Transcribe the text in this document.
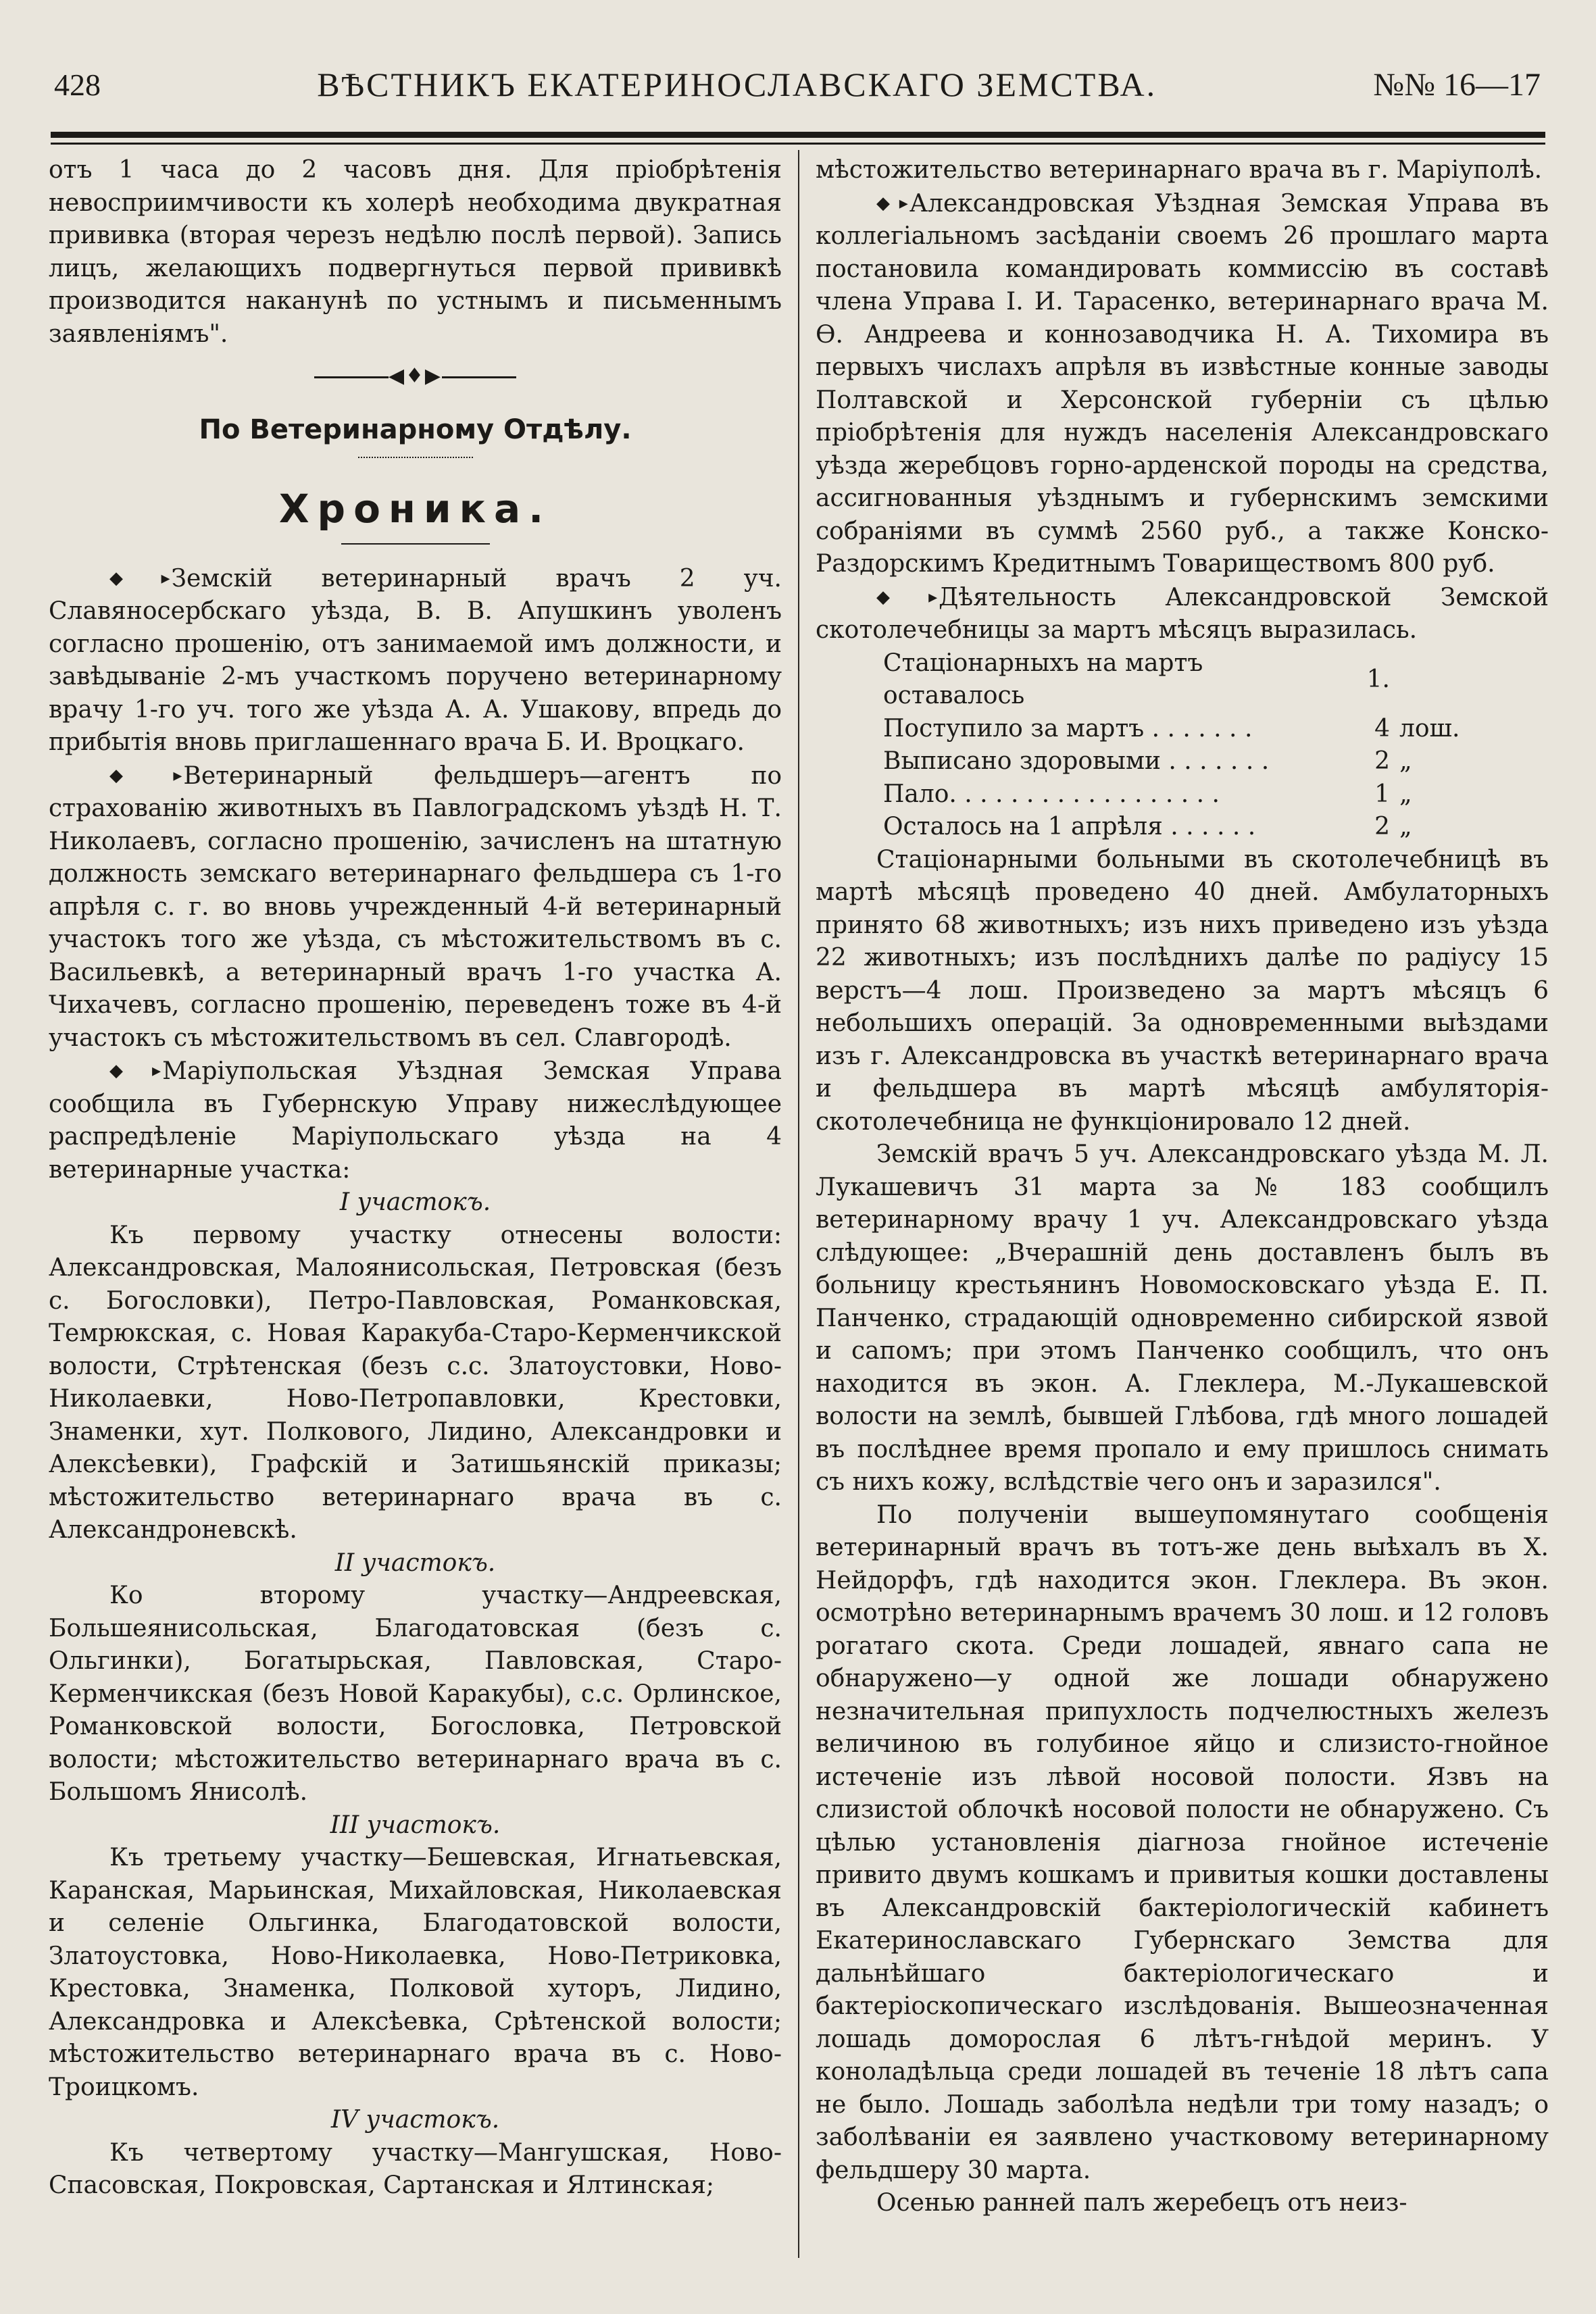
428	ВѢСТНИКЪ ЕКАТЕРИНОСЛАВСКАГО ЗЕМСТВА.	№№ 16—17

отъ 1 часа до 2 часовъ дня. Для пріобрѣтенія невосприимчивости къ холерѣ необходима двукратная прививка (вторая черезъ недѣлю послѣ первой). Запись лицъ, желающихъ подвергнуться первой прививкѣ производится наканунѣ по устнымъ и письменнымъ заявленіямъ".

◀♦▶
По Ветеринарному Отдѣлу.
Хроника.

◆▸ Земскій ветеринарный врачъ 2 уч. Славяносербскаго уѣзда, В. В. Апушкинъ уволенъ согласно прошенію, отъ занимаемой имъ должности, и завѣдываніе 2-мъ участкомъ поручено ветеринарному врачу 1-го уч. того же уѣзда А. А. Ушакову, впредь до прибытія вновь приглашеннаго врача Б. И. Вроцкаго.

◆▸ Ветеринарный фельдшеръ—агентъ по страхованію животныхъ въ Павлоградскомъ уѣздѣ Н. Т. Николаевъ, согласно прошенію, зачисленъ на штатную должность земскаго ветеринарнаго фельдшера съ 1-го апрѣля с. г. во вновь учрежденный 4-й ветеринарный участокъ того же уѣзда, съ мѣстожительствомъ въ с. Васильевкѣ, а ветеринарный врачъ 1-го участка А. Чихачевъ, согласно прошенію, переведенъ тоже въ 4-й участокъ съ мѣстожительствомъ въ сел. Славгородѣ.

◆▸ Маріупольская Уѣздная Земская Управа сообщила въ Губернскую Управу нижеслѣдующее распредѣленіе Маріупольскаго уѣзда на 4 ветеринарные участка:

I участокъ.

Къ первому участку отнесены волости: Александровская, Малоянисольская, Петровская (безъ с. Богословки), Петро-Павловская, Романковская, Темрюкская, с. Новая Каракуба-Старо-Керменчикской волости, Стрѣтенская (безъ с.с. Златоустовки, Ново-Николаевки, Ново-Петропавловки, Крестовки, Знаменки, хут. Полкового, Лидино, Александровки и Алексѣевки), Графскій и Затишьянскій приказы; мѣстожительство ветеринарнаго врача въ с. Александроневскѣ.

II участокъ.

Ко второму участку—Андреевская, Большеянисольская, Благодатовская (безъ с. Ольгинки), Богатырьская, Павловская, Старо-Керменчикская (безъ Новой Каракубы), с.с. Орлинское, Романковской волости, Богословка, Петровской волости; мѣстожительство ветеринарнаго врача въ с. Большомъ Янисолѣ.

III участокъ.

Къ третьему участку—Бешевская, Игнатьевская, Каранская, Марьинская, Михайловская, Николаевская и селеніе Ольгинка, Благодатовской волости, Златоустовка, Ново-Николаевка, Ново-Петриковка, Крестовка, Знаменка, Полковой хуторъ, Лидино, Александровка и Алексѣевка, Срѣтенской волости; мѣстожительство ветеринарнаго врача въ с. Ново-Троицкомъ.

IV участокъ.

Къ четвертому участку—Мангушская, Ново-Спасовская, Покровская, Сартанская и Ялтинская;

мѣстожительство ветеринарнаго врача въ г. Маріуполѣ.

◆▸ Александровская Уѣздная Земская Управа въ коллегіальномъ засѣданіи своемъ 26 прошлаго марта постановила командировать коммиссію въ составѣ члена Управа І. И. Тарасенко, ветеринарнаго врача М. Ѳ. Андреева и коннозаводчика Н. А. Тихомира въ первыхъ числахъ апрѣля въ извѣстные конные заводы Полтавской и Херсонской губерніи съ цѣлью пріобрѣтенія для нуждъ населенія Александровскаго уѣзда жеребцовъ горно-арденской породы на средства, ассигнованныя уѣзднымъ и губернскимъ земскими собраніями въ суммѣ 2560 руб., а также Конско-Раздорскимъ Кредитнымъ Товариществомъ 800 руб.

◆▸ Дѣятельность Александровской Земской скотолечебницы за мартъ мѣсяцъ выразилась.

Стаціонарныхъ на мартъ оставалось	1.	
Поступило за мартъ . . . . . . .	4	лош.
Выписано здоровыми . . . . . . .	2	„
Пало. . . . . . . . . . . . . . . . . .	1	„
Осталось на 1 апрѣля . . . . . .	2	„

Стаціонарными больными въ скотолечебницѣ въ мартѣ мѣсяцѣ проведено 40 дней. Амбулаторныхъ принято 68 животныхъ; изъ нихъ приведено изъ уѣзда 22 животныхъ; изъ послѣднихъ далѣе по радіусу 15 верстъ—4 лош. Произведено за мартъ мѣсяцъ 6 небольшихъ операцій. За одновременными выѣздами изъ г. Александровска въ участкѣ ветеринарнаго врача и фельдшера въ мартѣ мѣсяцѣ амбуляторія-скотолечебница не функціонировало 12 дней.

Земскій врачъ 5 уч. Александровскаго уѣзда М. Л. Лукашевичъ 31 марта за № 183 сообщилъ ветеринарному врачу 1 уч. Александровскаго уѣзда слѣдующее: „Вчерашній день доставленъ былъ въ больницу крестьянинъ Новомосковскаго уѣзда Е. П. Панченко, страдающій одновременно сибирской язвой и сапомъ; при этомъ Панченко сообщилъ, что онъ находится въ экон. А. Глеклера, М.-Лукашевской волости на землѣ, бывшей Глѣбова, гдѣ много лошадей въ послѣднее время пропало и ему пришлось снимать съ нихъ кожу, вслѣдствіе чего онъ и заразился".

По полученіи вышеупомянутаго сообщенія ветеринарный врачъ въ тотъ-же день выѣхалъ въ Х. Нейдорфъ, гдѣ находится экон. Глеклера. Въ экон. осмотрѣно ветеринарнымъ врачемъ 30 лош. и 12 головъ рогатаго скота. Среди лошадей, явнаго сапа не обнаружено—у одной же лошади обнаружено незначительная припухлость подчелюстныхъ железъ величиною въ голубиное яйцо и слизисто-гнойное истеченіе изъ лѣвой носовой полости. Язвъ на слизистой облочкѣ носовой полости не обнаружено. Съ цѣлью установленія діагноза гнойное истеченіе привито двумъ кошкамъ и привитыя кошки доставлены въ Александровскій бактеріологическій кабинетъ Екатеринославскаго Губернскаго Земства для дальнѣйшаго бактеріологическаго и бактеріоскопическаго изслѣдованія. Вышеозначенная лошадь доморослая 6 лѣтъ-гнѣдой меринъ. У коноладѣльца среди лошадей въ теченіе 18 лѣтъ сапа не было. Лошадь заболѣла недѣли три тому назадъ; о заболѣваніи ея заявлено участковому ветеринарному фельдшеру 30 марта.

Осенью ранней палъ жеребецъ отъ неиз-
